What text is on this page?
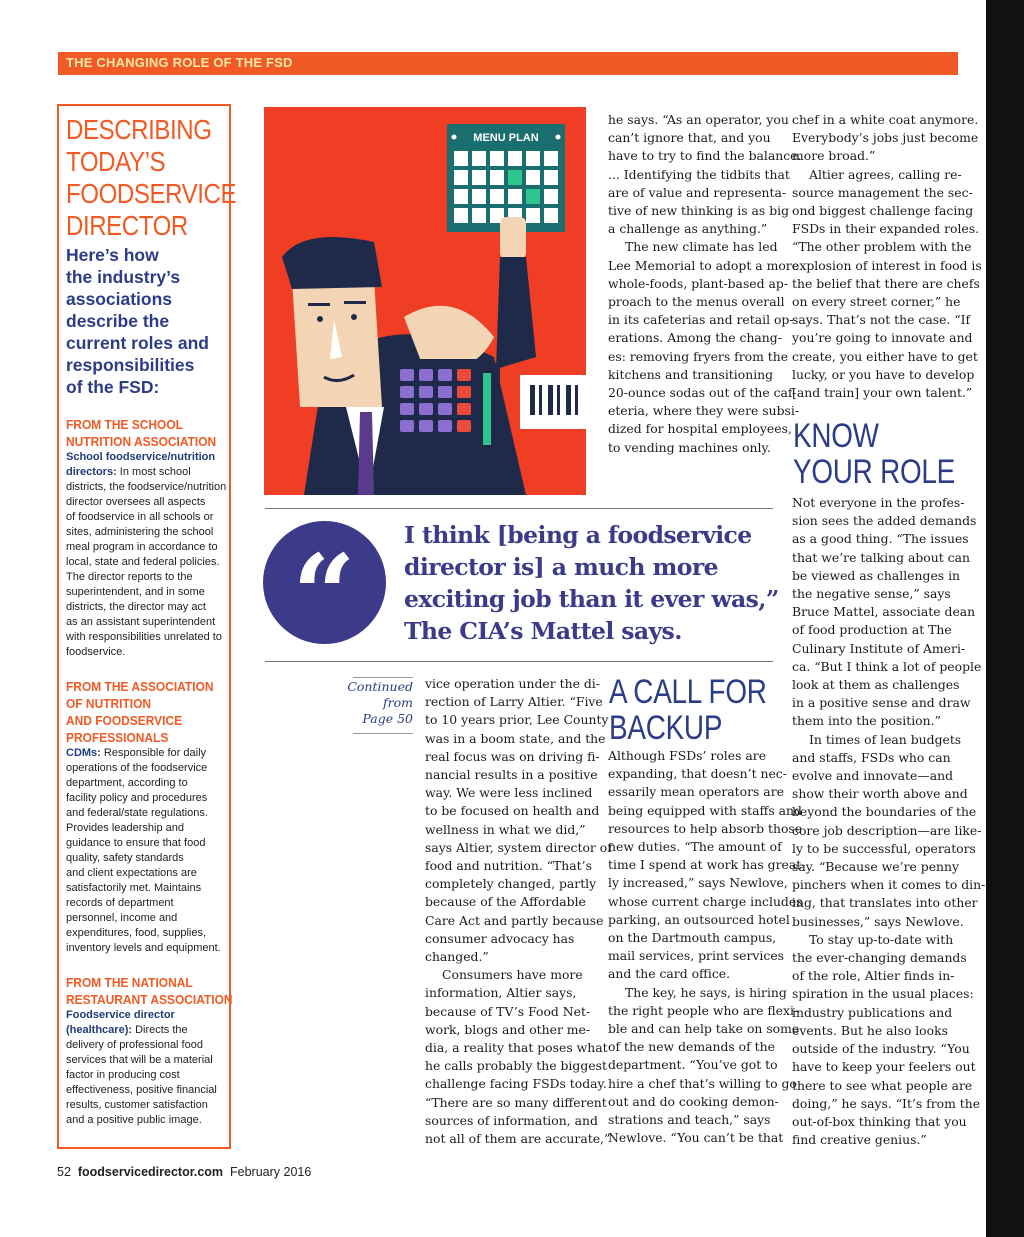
THE CHANGING ROLE OF THE FSD
DESCRIBING
TODAY’S
FOODSERVICE
DIRECTOR
Here’s how
the industry’s
associations
describe the
current roles and
responsibilities
of the FSD:
FROM THE SCHOOL
NUTRITION ASSOCIATION
School foodservice/nutrition
directors: In most school
districts, the foodservice/nutrition
director oversees all aspects
of foodservice in all schools or
sites, administering the school
meal program in accordance to
local, state and federal policies.
The director reports to the
superintendent, and in some
districts, the director may act
as an assistant superintendent
with responsibilities unrelated to
foodservice.
FROM THE ASSOCIATION
OF NUTRITION
AND FOODSERVICE
PROFESSIONALS
CDMs: Responsible for daily
operations of the foodservice
department, according to
facility policy and procedures
and federal/state regulations.
Provides leadership and
guidance to ensure that food
quality, safety standards
and client expectations are
satisfactorily met. Maintains
records of department
personnel, income and
expenditures, food, supplies,
inventory levels and equipment.
FROM THE NATIONAL
RESTAURANT ASSOCIATION
Foodservice director
(healthcare): Directs the
delivery of professional food
services that will be a material
factor in producing cost
effectiveness, positive financial
results, customer satisfaction
and a positive public image.
MENU PLAN
“ I think [being a foodservice
director is] a much more
exciting job than it ever was,”
The CIA’s Mattel says.
Continued
from
Page 50
he says. “As an operator, you
can’t ignore that, and you
have to try to find the balance.
... Identifying the tidbits that
are of value and representa-
tive of new thinking is as big
a challenge as anything.”
The new climate has led
Lee Memorial to adopt a more
whole-foods, plant-based ap-
proach to the menus overall
in its cafeterias and retail op-
erations. Among the chang-
es: removing fryers from the
kitchens and transitioning
20-ounce sodas out of the caf-
eteria, where they were subsi-
dized for hospital employees,
to vending machines only.
chef in a white coat anymore.
Everybody’s jobs just become
more broad.”
Altier agrees, calling re-
source management the sec-
ond biggest challenge facing
FSDs in their expanded roles.
“The other problem with the
explosion of interest in food is
the belief that there are chefs
on every street corner,” he
says. That’s not the case. “If
you’re going to innovate and
create, you either have to get
lucky, or you have to develop
[and train] your own talent.”
KNOW
YOUR ROLE
Not everyone in the profes-
sion sees the added demands
as a good thing. “The issues
that we’re talking about can
be viewed as challenges in
the negative sense,” says
Bruce Mattel, associate dean
of food production at The
Culinary Institute of Ameri-
ca. “But I think a lot of people
look at them as challenges
in a positive sense and draw
them into the position.”
In times of lean budgets
and staffs, FSDs who can
evolve and innovate—and
show their worth above and
beyond the boundaries of the
core job description—are like-
ly to be successful, operators
say. “Because we’re penny
pinchers when it comes to din-
ing, that translates into other
businesses,” says Newlove.
To stay up-to-date with
the ever-changing demands
of the role, Altier finds in-
spiration in the usual places:
industry publications and
events. But he also looks
outside of the industry. “You
have to keep your feelers out
there to see what people are
doing,” he says. “It’s from the
out-of-box thinking that you
find creative genius.”
vice operation under the di-
rection of Larry Altier. “Five
to 10 years prior, Lee County
was in a boom state, and the
real focus was on driving fi-
nancial results in a positive
way. We were less inclined
to be focused on health and
wellness in what we did,”
says Altier, system director of
food and nutrition. “That’s
completely changed, partly
because of the Affordable
Care Act and partly because
consumer advocacy has
changed.”
Consumers have more
information, Altier says,
because of TV’s Food Net-
work, blogs and other me-
dia, a reality that poses what
he calls probably the biggest
challenge facing FSDs today.
“There are so many different
sources of information, and
not all of them are accurate,”
A CALL FOR
BACKUP
Although FSDs’ roles are
expanding, that doesn’t nec-
essarily mean operators are
being equipped with staffs and
resources to help absorb those
new duties. “The amount of
time I spend at work has great-
ly increased,” says Newlove,
whose current charge includes
parking, an outsourced hotel
on the Dartmouth campus,
mail services, print services
and the card office.
The key, he says, is hiring
the right people who are flexi-
ble and can help take on some
of the new demands of the
department. “You’ve got to
hire a chef that’s willing to go
out and do cooking demon-
strations and teach,” says
Newlove. “You can’t be that
52 foodservicedirector.com February 2016
